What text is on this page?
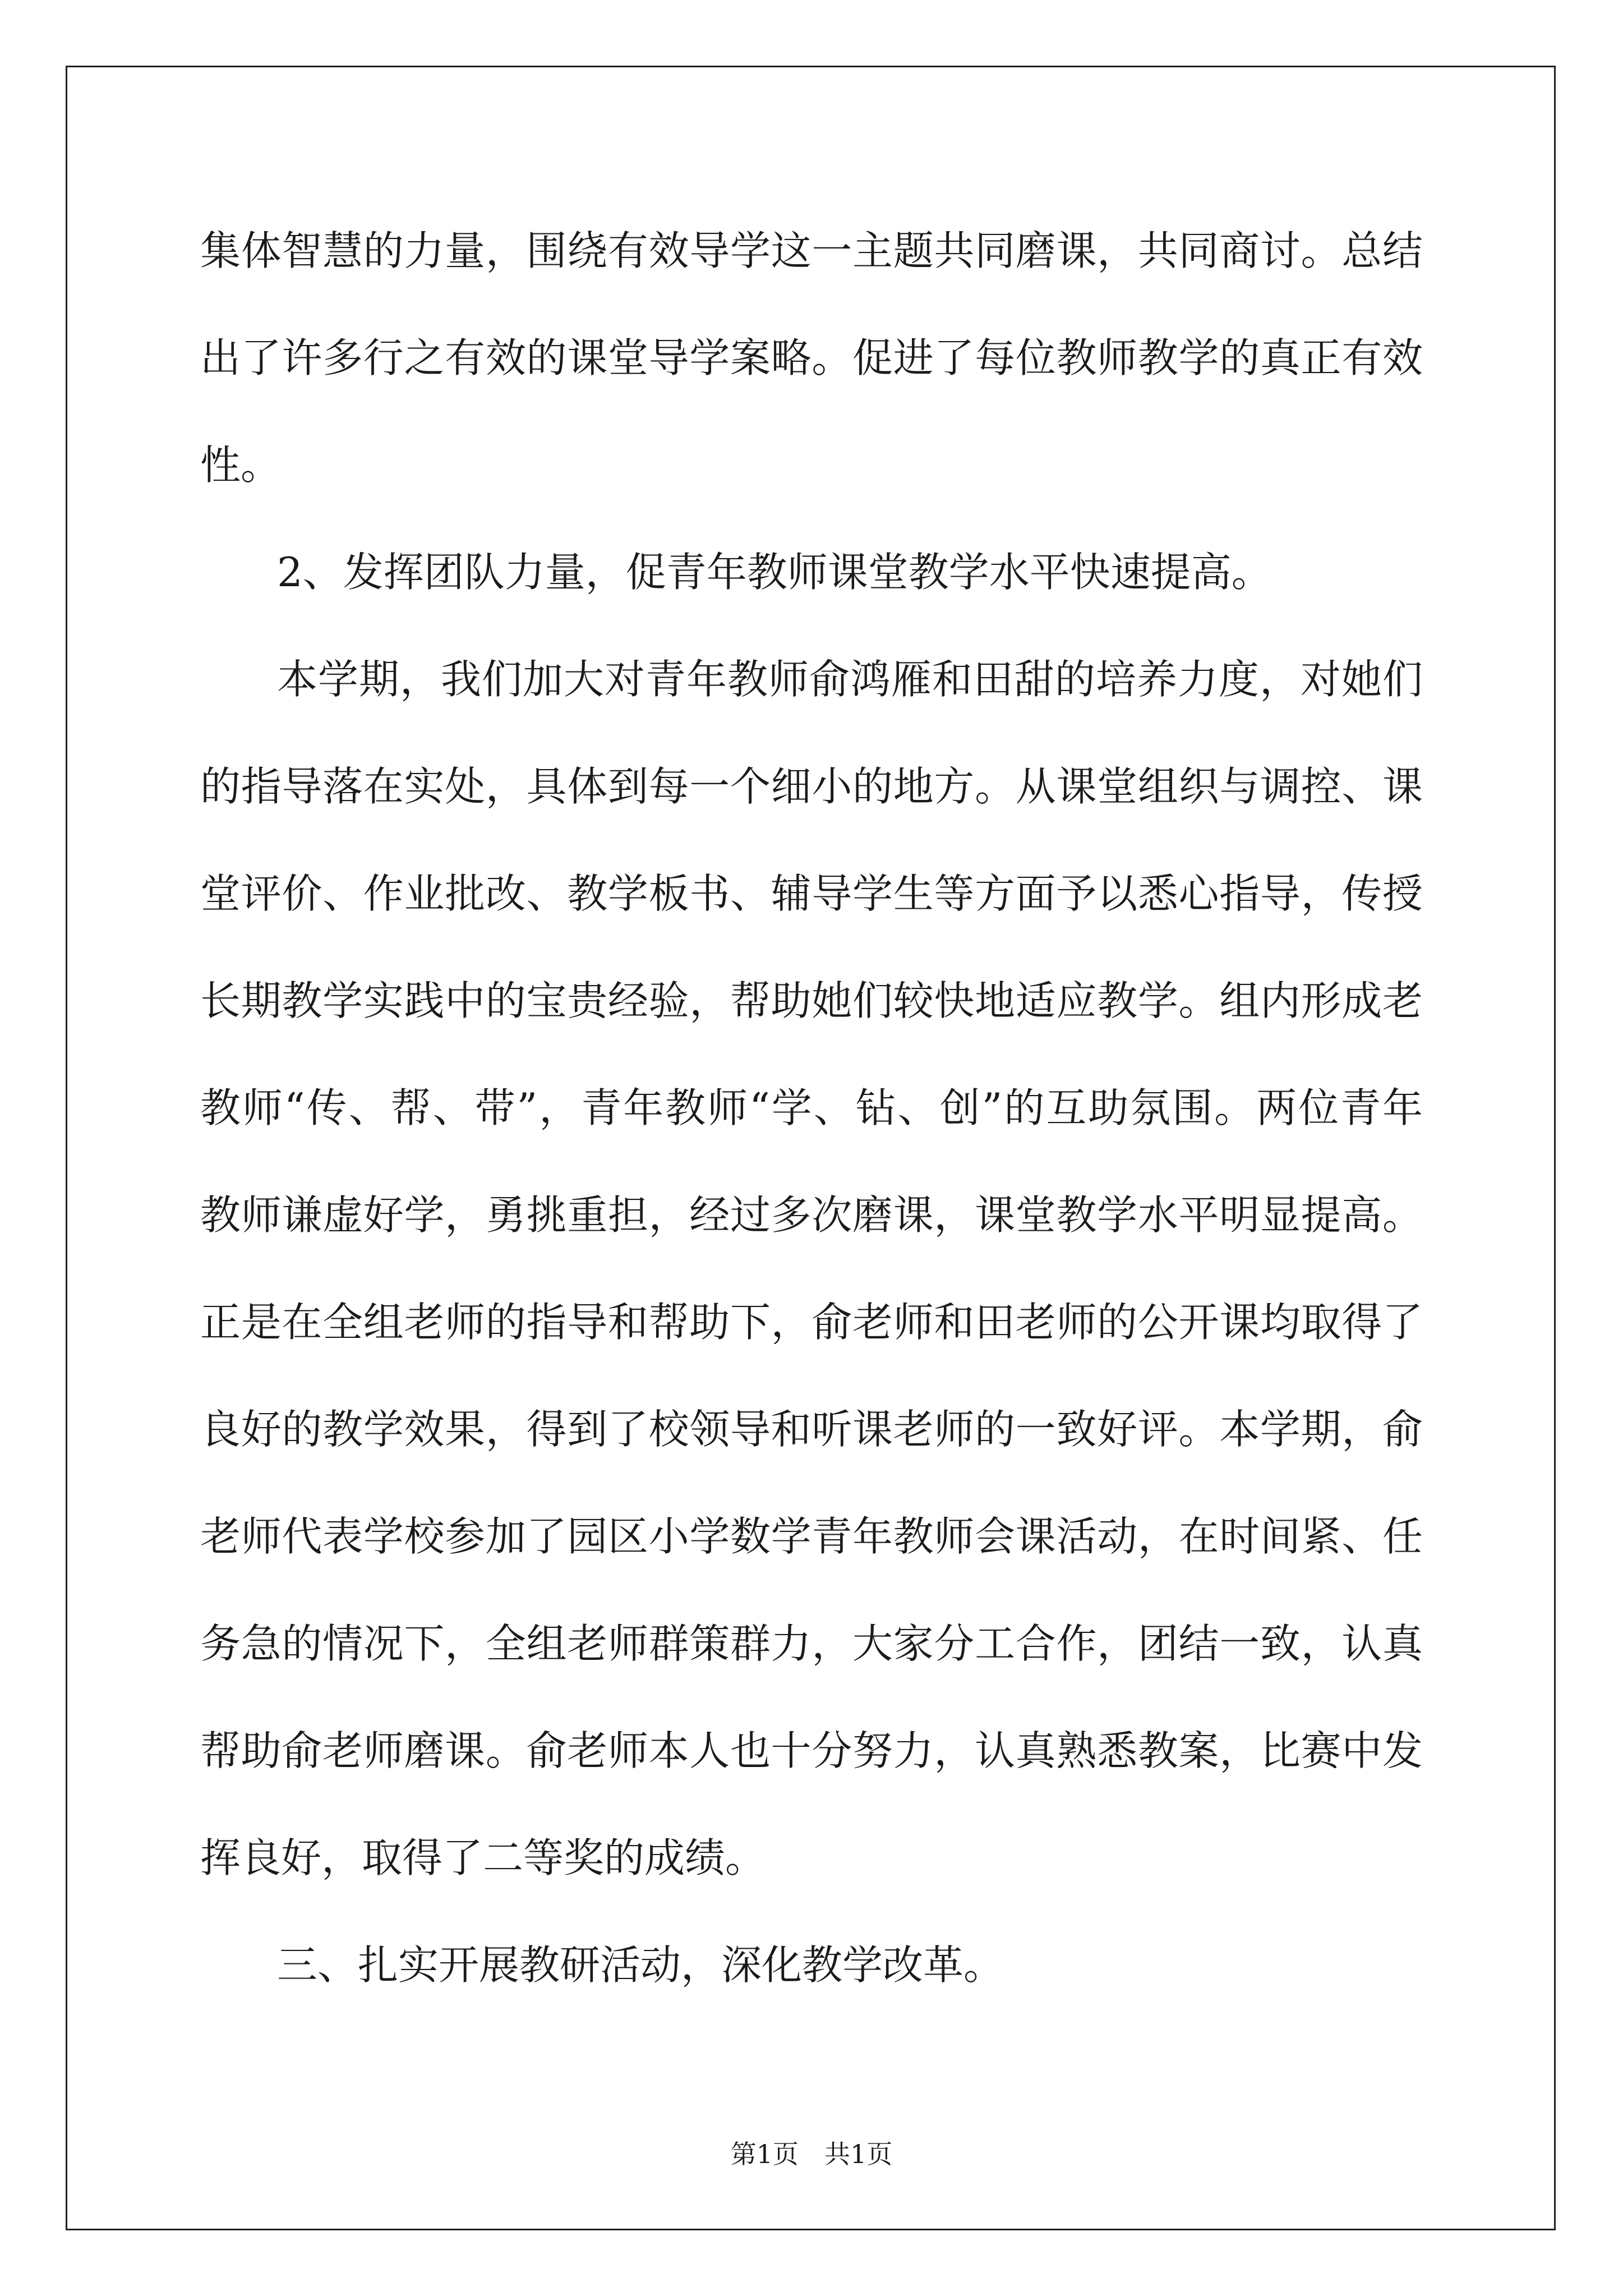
集体智慧的力量，围绕有效导学这一主题共同磨课，共同商讨。总结
出了许多行之有效的课堂导学案略。促进了每位教师教学的真正有效
性。
2、发挥团队力量，促青年教师课堂教学水平快速提高。
本学期，我们加大对青年教师俞鸿雁和田甜的培养力度，对她们
的指导落在实处，具体到每一个细小的地方。从课堂组织与调控、课
堂评价、作业批改、教学板书、辅导学生等方面予以悉心指导，传授
长期教学实践中的宝贵经验，帮助她们较快地适应教学。组内形成老
教师“传、帮、带”，青年教师“学、钻、创”的互助氛围。两位青年
教师谦虚好学，勇挑重担，经过多次磨课，课堂教学水平明显提高。
正是在全组老师的指导和帮助下，俞老师和田老师的公开课均取得了
良好的教学效果，得到了校领导和听课老师的一致好评。本学期，俞
老师代表学校参加了园区小学数学青年教师会课活动，在时间紧、任
务急的情况下，全组老师群策群力，大家分工合作，团结一致，认真
帮助俞老师磨课。俞老师本人也十分努力，认真熟悉教案，比赛中发
挥良好，取得了二等奖的成绩。
三、扎实开展教研活动，深化教学改革。
第1页　共1页
